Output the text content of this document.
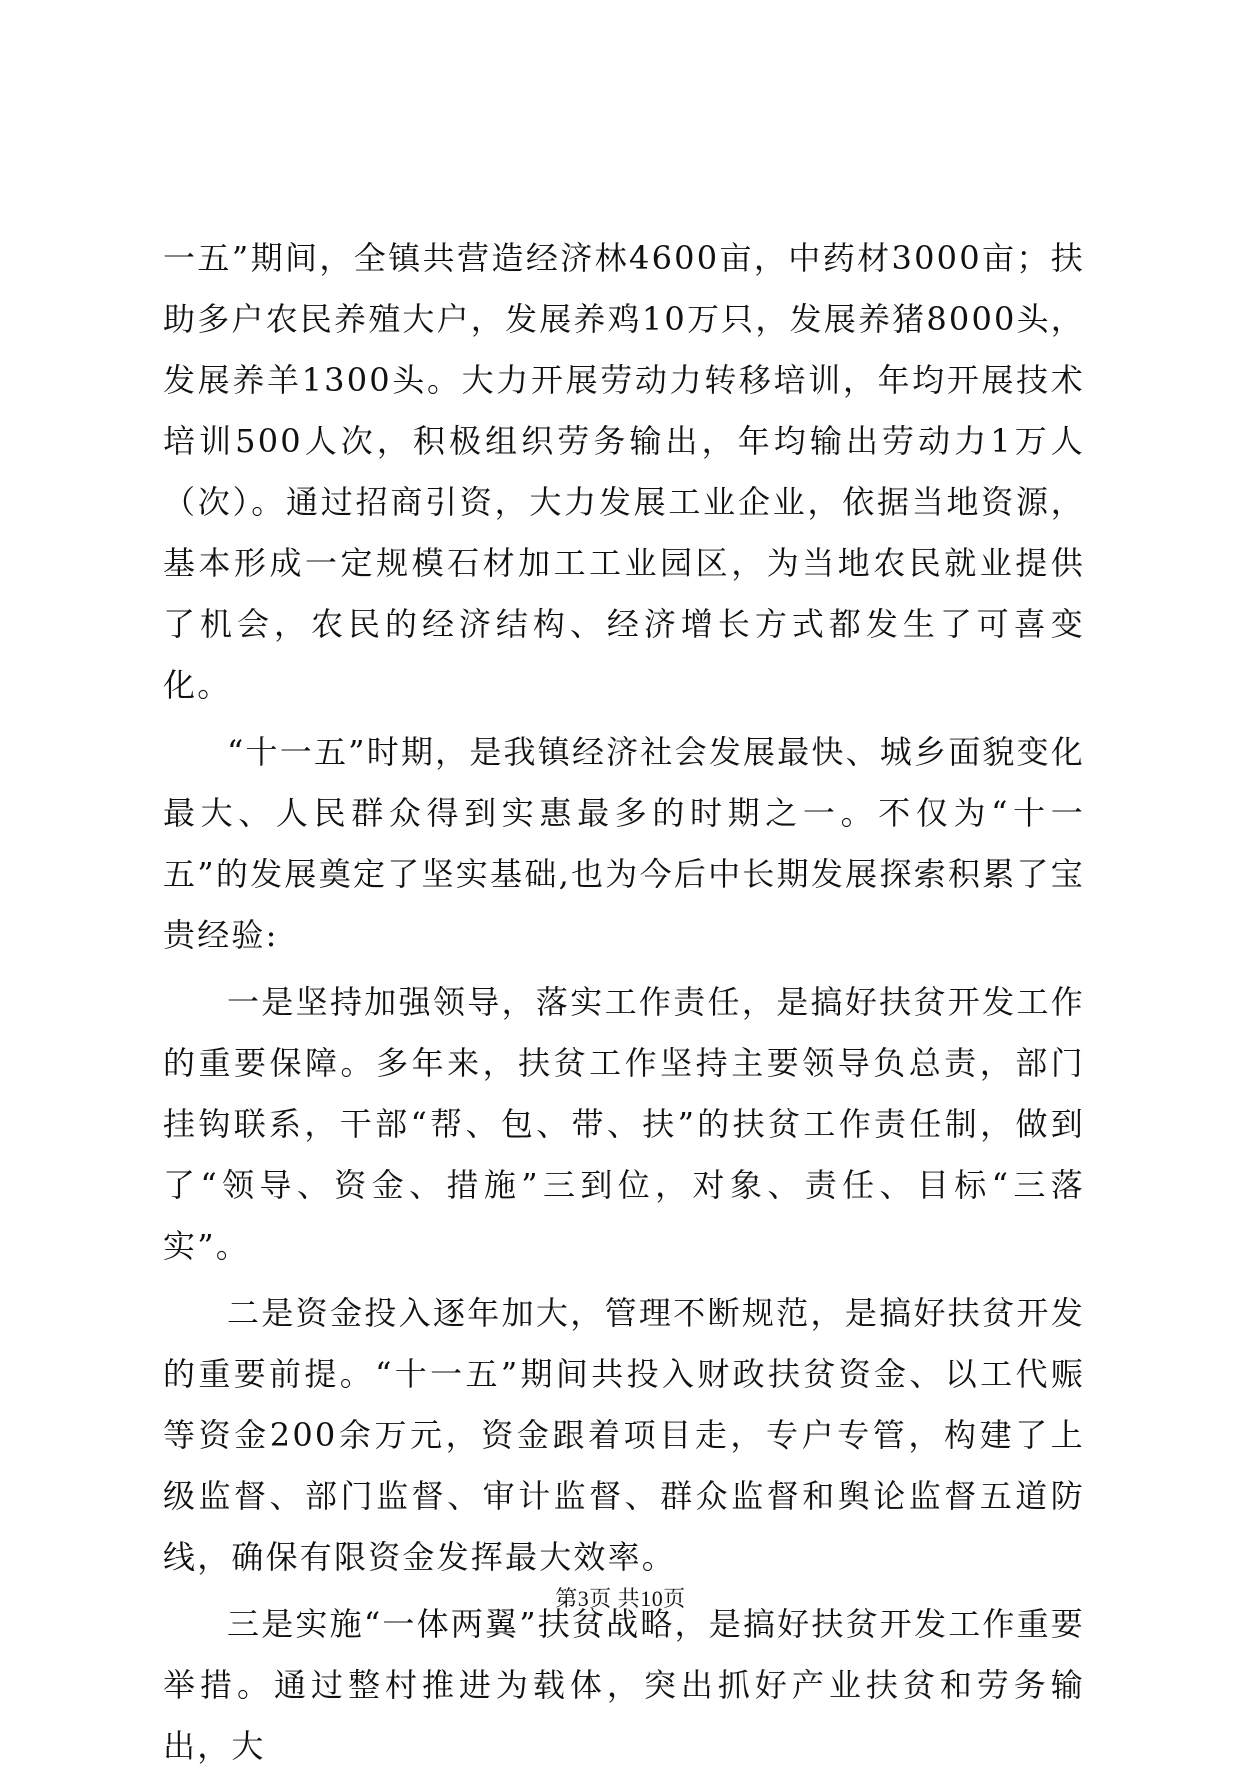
一五”期间，全镇共营造经济林4600亩，中药材3000亩；扶助多户农民养殖大户，发展养鸡10万只，发展养猪8000头，发展养羊1300头。大力开展劳动力转移培训，年均开展技术培训500人次，积极组织劳务输出，年均输出劳动力1万人（次）。通过招商引资，大力发展工业企业，依据当地资源，基本形成一定规模石材加工工业园区，为当地农民就业提供了机会，农民的经济结构、经济增长方式都发生了可喜变化。

“十一五”时期，是我镇经济社会发展最快、城乡面貌变化最大、人民群众得到实惠最多的时期之一。不仅为“十一五”的发展奠定了坚实基础,也为今后中长期发展探索积累了宝贵经验:

一是坚持加强领导，落实工作责任，是搞好扶贫开发工作的重要保障。多年来，扶贫工作坚持主要领导负总责，部门挂钩联系，干部“帮、包、带、扶”的扶贫工作责任制，做到了“领导、资金、措施”三到位，对象、责任、目标“三落实”。

二是资金投入逐年加大，管理不断规范，是搞好扶贫开发的重要前提。“十一五”期间共投入财政扶贫资金、以工代赈等资金200余万元，资金跟着项目走，专户专管，构建了上级监督、部门监督、审计监督、群众监督和舆论监督五道防线，确保有限资金发挥最大效率。

三是实施“一体两翼”扶贫战略，是搞好扶贫开发工作重要举措。通过整村推进为载体，突出抓好产业扶贫和劳务输出，大

第3页 共10页
